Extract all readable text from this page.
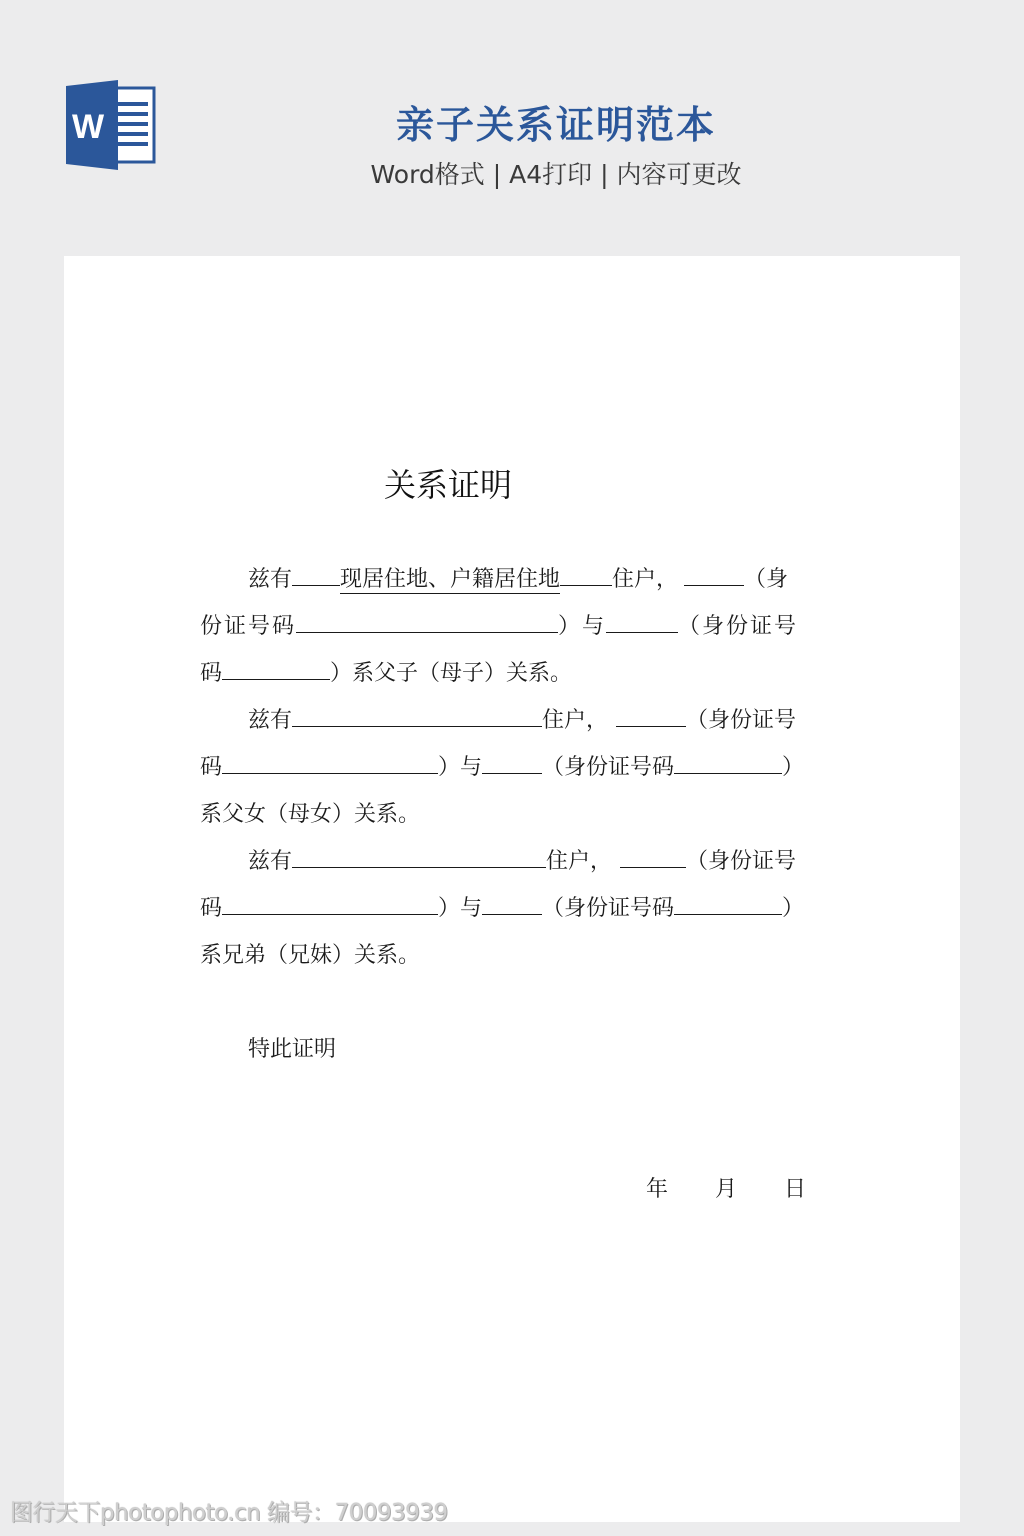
W	亲子关系证明范本
Word格式 | A4打印 | 内容可更改
关系证明
兹有 现居住地、户籍居住地 住户，	（身
份证号码	）与	（身份证号
码	）系父子（母子）关系。
兹有	住户，	（身份证号
码	）与	（身份证号码	）
系父女（母女）关系。
兹有	住户，	（身份证号
码	）与	（身份证号码	）
系兄弟（兄妹）关系。
特此证明
年 月 日
图行天下photophoto.cn 编号：70093939
